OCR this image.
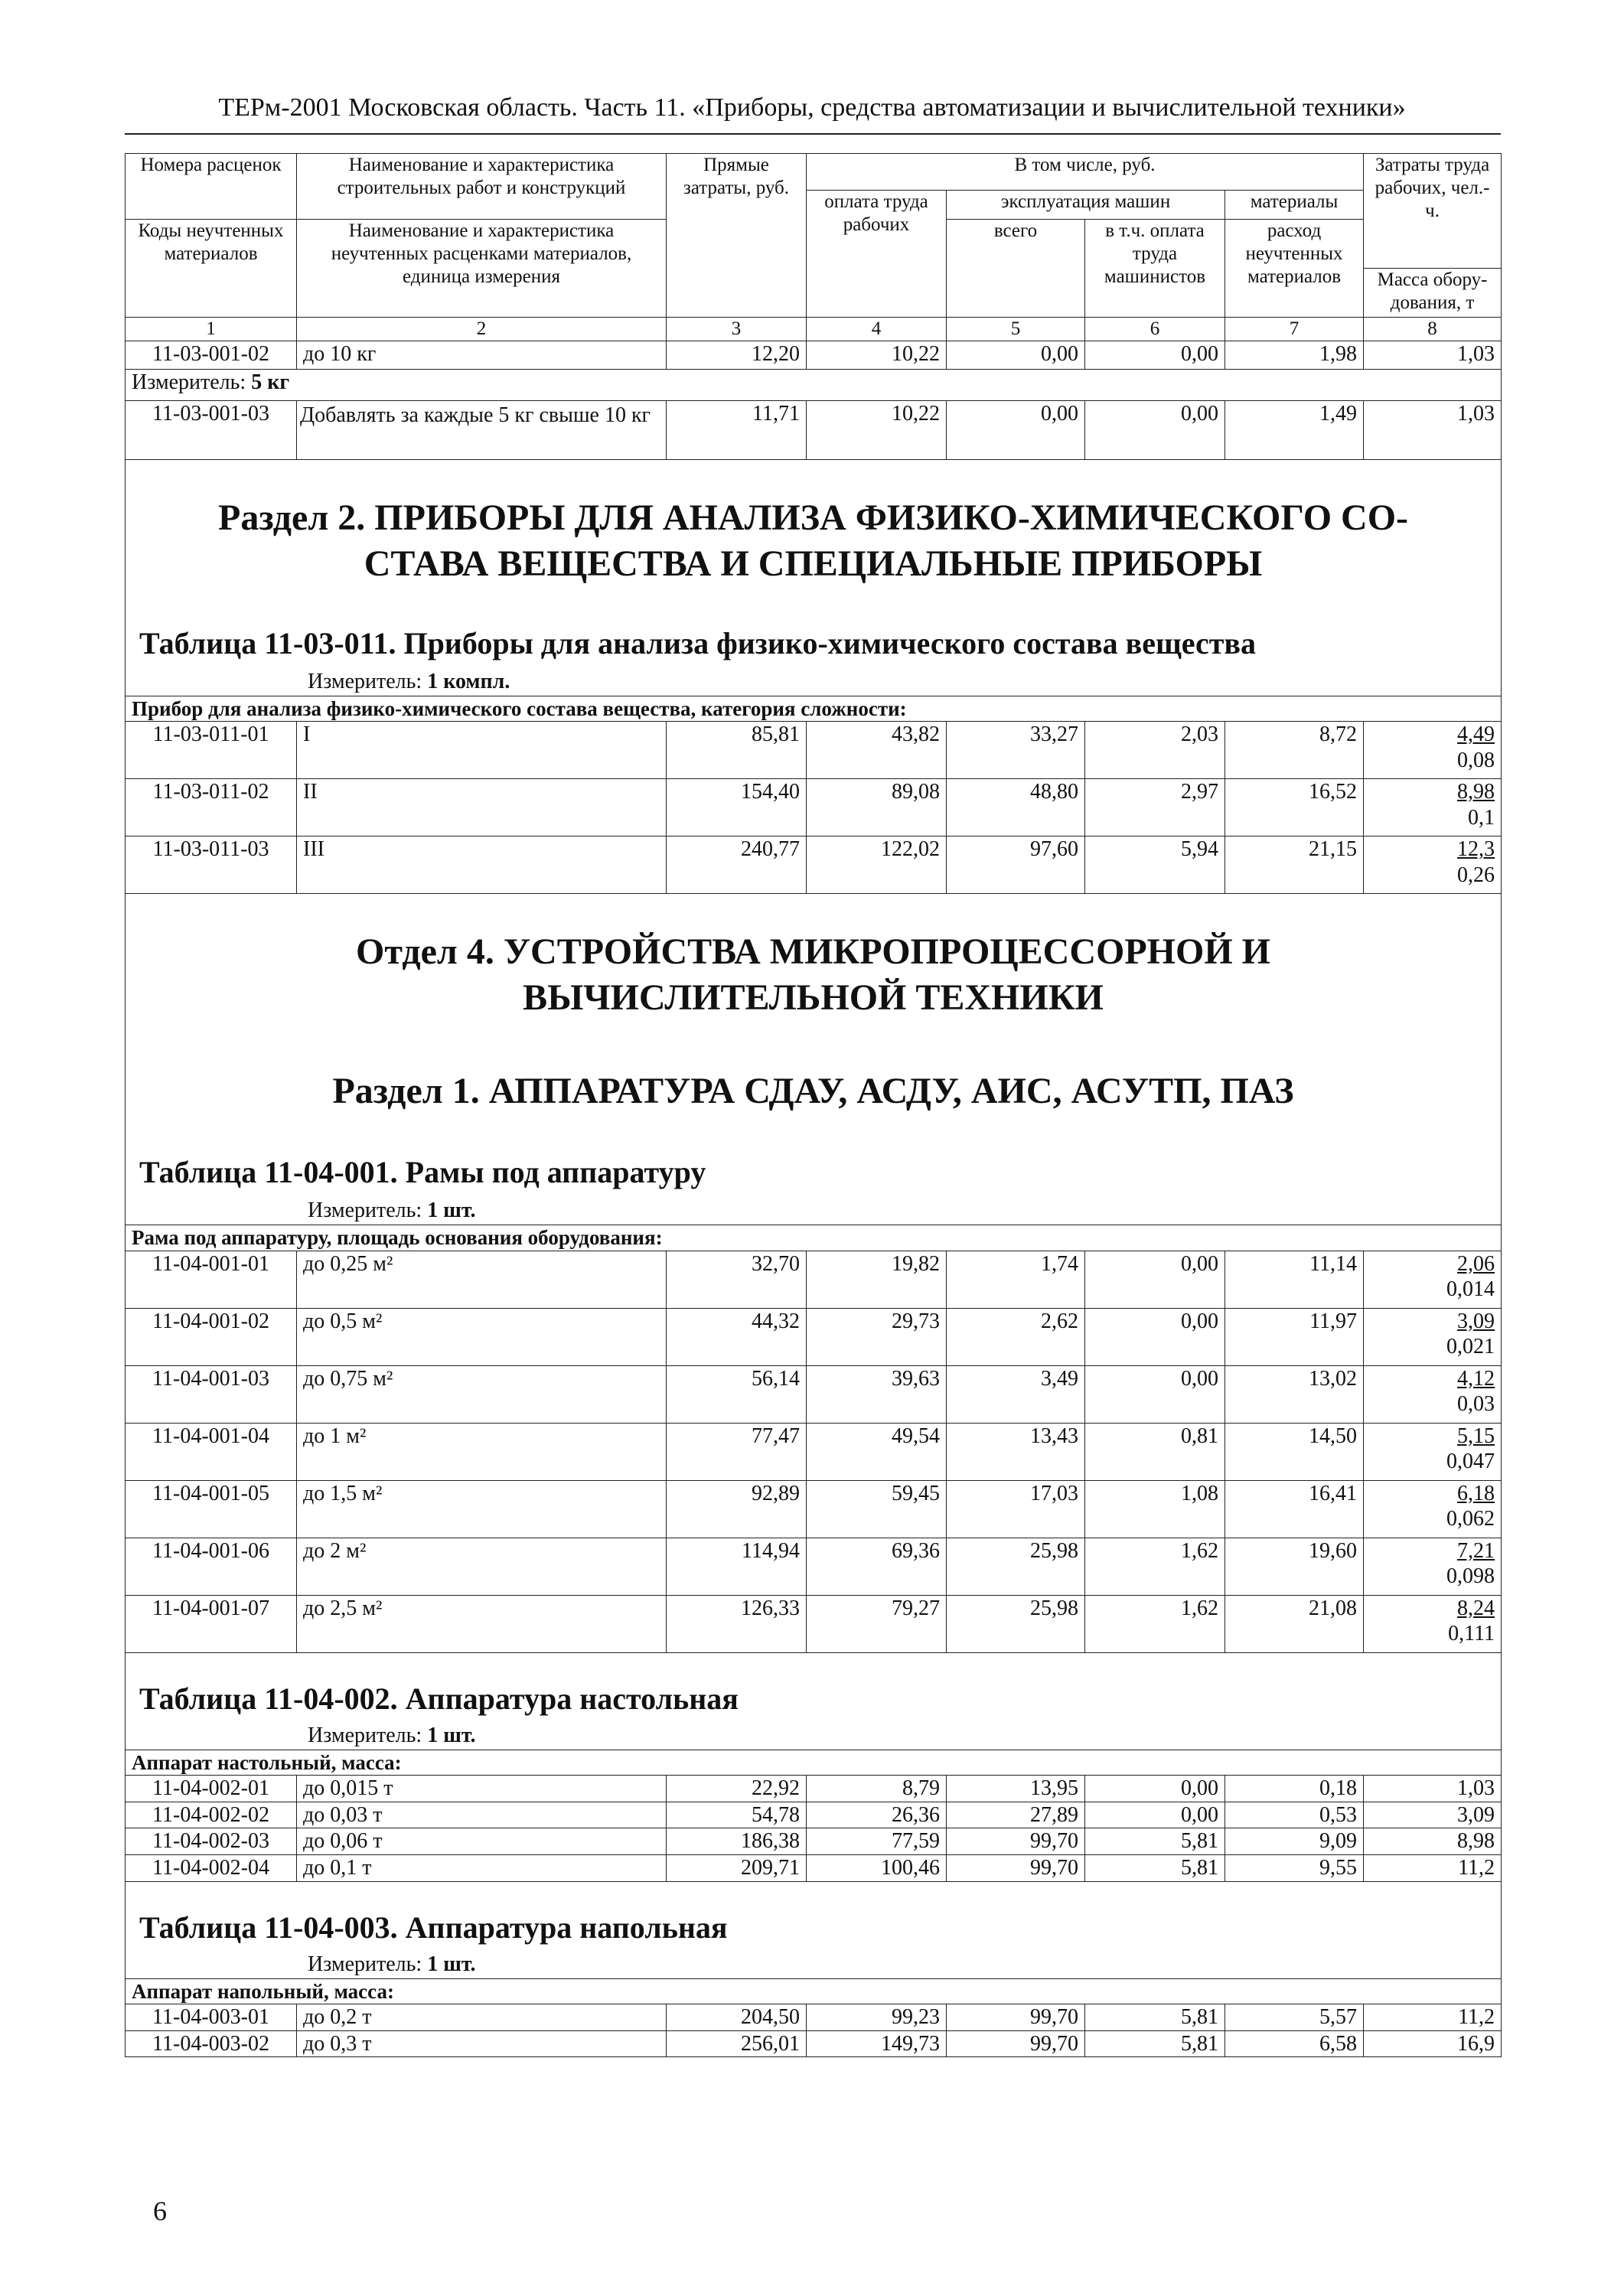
ТЕРм-2001 Московская область. Часть 11. «Приборы, средства автоматизации и вычислительной техники»
Номера расценок	Наименование и характеристика строительных работ и конструкций	Прямые затраты, руб.	В том числе, руб.				Затраты труда рабочих, чел.-ч.
			оплата труда рабочих	эксплуатация машин		материалы	
Коды неучтенных материалов	Наименование и характеристика неучтенных расценками материалов, единица измерения			всего	в т.ч. оплата труда машинистов	расход неучтенных материалов	

							Масса обору-дования, т
1	2	3	4	5	6	7	8
11-03-001-02	до 10 кг	12,20	10,22	0,00	0,00	1,98	1,03
Измеритель: 5 кг							
11-03-001-03	Добавлять за каждые 5 кг свыше 10 кг	11,71	10,22	0,00	0,00	1,49	1,03

Раздел 2. ПРИБОРЫ ДЛЯ АНАЛИЗА ФИЗИКО-ХИМИЧЕСКОГО СО-
СТАВА ВЕЩЕСТВА И СПЕЦИАЛЬНЫЕ ПРИБОРЫ
Таблица 11-03-011. Приборы для анализа физико-химического состава вещества
Измеритель: 1 компл.							

Прибор для анализа физико-химического состава вещества, категория сложности:							
11-03-011-01	I	85,81	43,82	33,27	2,03	8,72	4,49
0,08

11-03-011-02	II	154,40	89,08	48,80	2,97	16,52	8,98
0,1

11-03-011-03	III	240,77	122,02	97,60	5,94	21,15	12,3
0,26

Отдел 4. УСТРОЙСТВА МИКРОПРОЦЕССОРНОЙ И
ВЫЧИСЛИТЕЛЬНОЙ ТЕХНИКИ
Раздел 1. АППАРАТУРА СДАУ, АСДУ, АИС, АСУТП, ПАЗ
Таблица 11-04-001. Рамы под аппаратуру
Измеритель: 1 шт.							

Рама под аппаратуру, площадь основания оборудования:							
11-04-001-01	до 0,25 м²	32,70	19,82	1,74	0,00	11,14	2,06
0,014

11-04-001-02	до 0,5 м²	44,32	29,73	2,62	0,00	11,97	3,09
0,021

11-04-001-03	до 0,75 м²	56,14	39,63	3,49	0,00	13,02	4,12
0,03

11-04-001-04	до 1 м²	77,47	49,54	13,43	0,81	14,50	5,15
0,047

11-04-001-05	до 1,5 м²	92,89	59,45	17,03	1,08	16,41	6,18
0,062

11-04-001-06	до 2 м²	114,94	69,36	25,98	1,62	19,60	7,21
0,098

11-04-001-07	до 2,5 м²	126,33	79,27	25,98	1,62	21,08	8,24
0,111

Таблица 11-04-002. Аппаратура настольная
Измеритель: 1 шт.							

Аппарат настольный, масса:							
11-04-002-01	до 0,015 т	22,92	8,79	13,95	0,00	0,18	1,03
11-04-002-02	до 0,03 т	54,78	26,36	27,89	0,00	0,53	3,09
11-04-002-03	до 0,06 т	186,38	77,59	99,70	5,81	9,09	8,98
11-04-002-04	до 0,1 т	209,71	100,46	99,70	5,81	9,55	11,2

Таблица 11-04-003. Аппаратура напольная
Измеритель: 1 шт.							

Аппарат напольный, масса:							
11-04-003-01	до 0,2 т	204,50	99,23	99,70	5,81	5,57	11,2
11-04-003-02	до 0,3 т	256,01	149,73	99,70	5,81	6,58	16,9
6
